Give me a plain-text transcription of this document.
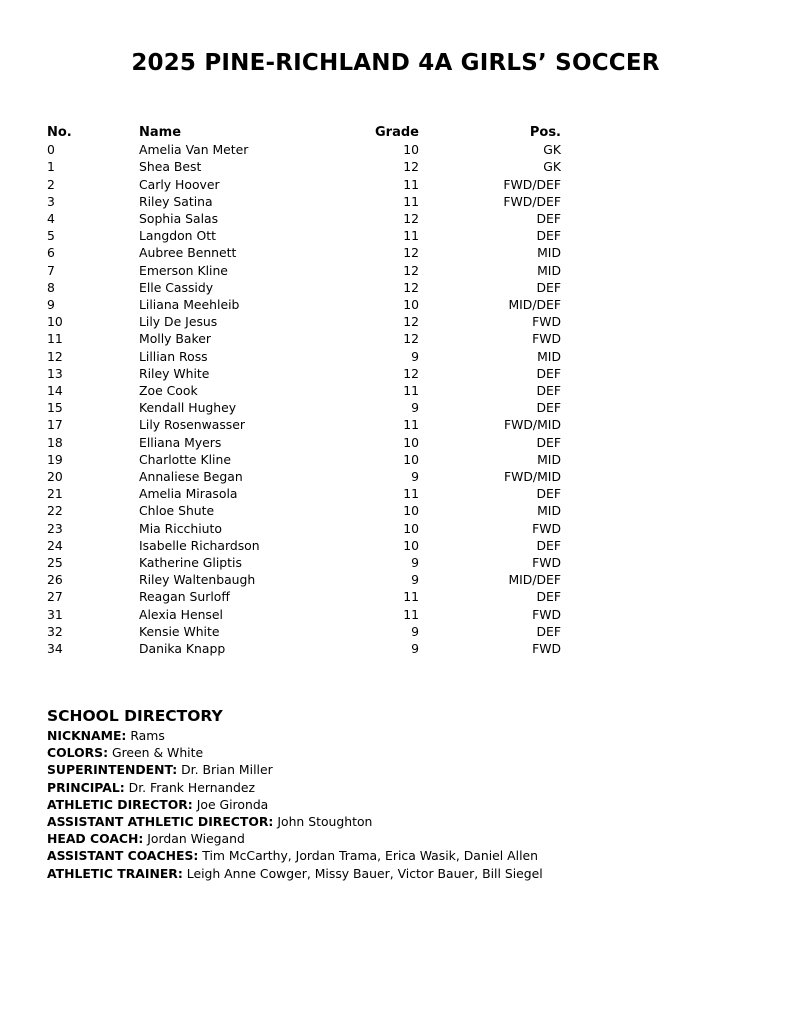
2025 PINE-RICHLAND 4A GIRLS’ SOCCER
No.	Name	Grade	Pos.
0	Amelia Van Meter	10	GK
1	Shea Best	12	GK
2	Carly Hoover	11	FWD/DEF
3	Riley Satina	11	FWD/DEF
4	Sophia Salas	12	DEF
5	Langdon Ott	11	DEF
6	Aubree Bennett	12	MID
7	Emerson Kline	12	MID
8	Elle Cassidy	12	DEF
9	Liliana Meehleib	10	MID/DEF
10	Lily De Jesus	12	FWD
11	Molly Baker	12	FWD
12	Lillian Ross	9	MID
13	Riley White	12	DEF
14	Zoe Cook	11	DEF
15	Kendall Hughey	9	DEF
17	Lily Rosenwasser	11	FWD/MID
18	Elliana Myers	10	DEF
19	Charlotte Kline	10	MID
20	Annaliese Began	9	FWD/MID
21	Amelia Mirasola	11	DEF
22	Chloe Shute	10	MID
23	Mia Ricchiuto	10	FWD
24	Isabelle Richardson	10	DEF
25	Katherine Gliptis	9	FWD
26	Riley Waltenbaugh	9	MID/DEF
27	Reagan Surloff	11	DEF
31	Alexia Hensel	11	FWD
32	Kensie White	9	DEF
34	Danika Knapp	9	FWD
SCHOOL DIRECTORY
NICKNAME: Rams
COLORS: Green & White
SUPERINTENDENT: Dr. Brian Miller
PRINCIPAL: Dr. Frank Hernandez
ATHLETIC DIRECTOR: Joe Gironda
ASSISTANT ATHLETIC DIRECTOR: John Stoughton
HEAD COACH: Jordan Wiegand
ASSISTANT COACHES: Tim McCarthy, Jordan Trama, Erica Wasik, Daniel Allen
ATHLETIC TRAINER: Leigh Anne Cowger, Missy Bauer, Victor Bauer, Bill Siegel
